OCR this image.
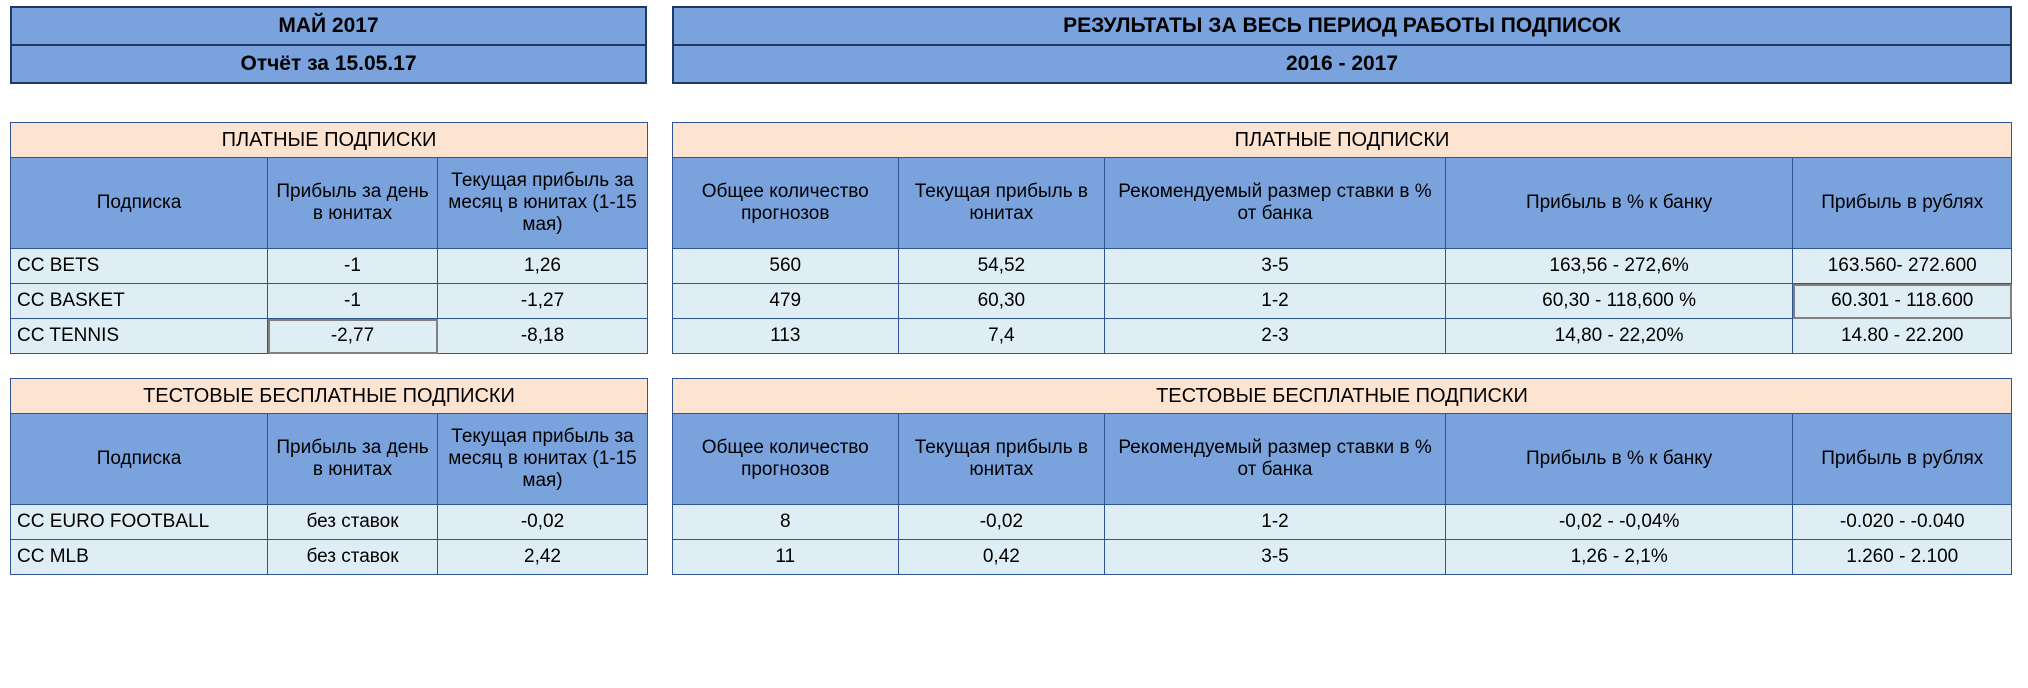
МАЙ 2017
Отчёт за 15.05.17
ПЛАТНЫЕ ПОДПИСКИ		
Подписка	Прибыль за день в юнитах	Текущая прибыль за месяц в юнитах (1-15 мая)
CC BETS	-1	1,26
CC BASKET	-1	-1,27
CC TENNIS	-2,77	-8,18
ТЕСТОВЫЕ БЕСПЛАТНЫЕ ПОДПИСКИ		
Подписка	Прибыль за день в юнитах	Текущая прибыль за месяц в юнитах (1-15 мая)
CC EURO FOOTBALL	без ставок	-0,02
CC MLB	без ставок	2,42
РЕЗУЛЬТАТЫ ЗА ВЕСЬ ПЕРИОД РАБОТЫ ПОДПИСОК
2016 - 2017
ПЛАТНЫЕ ПОДПИСКИ				
Общее количество прогнозов	Текущая прибыль в юнитах	Рекомендуемый размер ставки в % от банка	Прибыль в % к банку	Прибыль в рублях
560	54,52	3-5	163,56 - 272,6%	163.560- 272.600
479	60,30	1-2	60,30 - 118,600 %	60.301 - 118.600
113	7,4	2-3	14,80 - 22,20%	14.80 - 22.200
ТЕСТОВЫЕ БЕСПЛАТНЫЕ ПОДПИСКИ				
Общее количество прогнозов	Текущая прибыль в юнитах	Рекомендуемый размер ставки в % от банка	Прибыль в % к банку	Прибыль в рублях
8	-0,02	1-2	-0,02 - -0,04%	-0.020 - -0.040
11	0,42	3-5	1,26 - 2,1%	1.260 - 2.100
